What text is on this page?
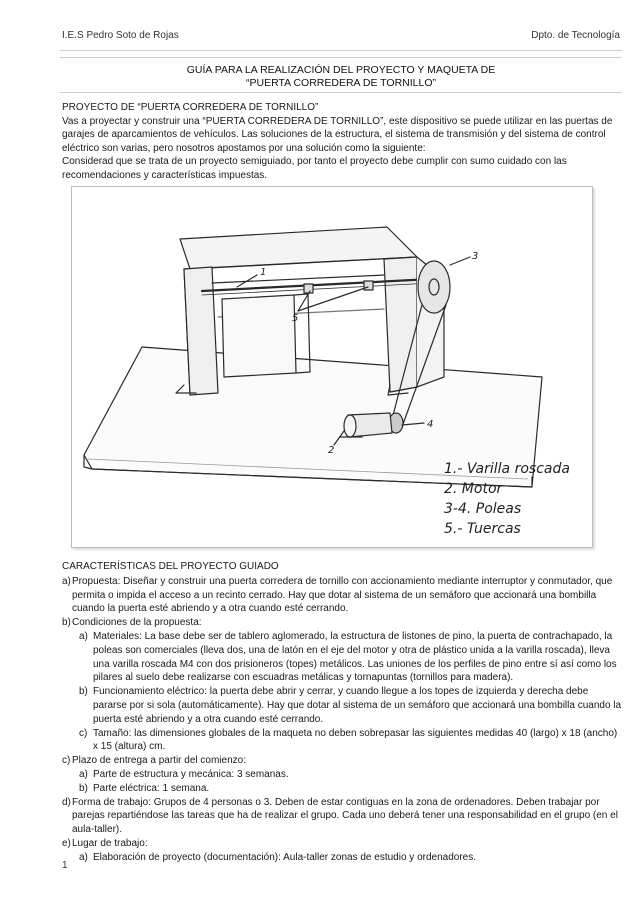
I.E.S Pedro Soto de Rojas	Dpto. de Tecnología
GUÍA PARA LA REALIZACIÓN DEL PROYECTO Y MAQUETA DE
“PUERTA CORREDERA DE TORNILLO”
PROYECTO DE “PUERTA CORREDERA DE TORNILLO”
Vas a proyectar y construir una “PUERTA CORREDERA DE TORNILLO”, este dispositivo se puede utilizar en las puertas de garajes de aparcamientos de vehículos. Las soluciones de la estructura, el sistema de transmisión y del sistema de control eléctrico son varias, pero nosotros apostamos por una solución como la siguiente:
Considerad que se trata de un proyecto semiguiado, por tanto el proyecto debe cumplir con sumo cuidado con las recomendaciones y características impuestas.
1
2
3
4
5
1.- Varilla roscada
2. Motor
3-4. Poleas
5.- Tuercas
CARACTERÍSTICAS DEL PROYECTO GUIADO
a) Propuesta: Diseñar y construir una puerta corredera de tornillo con accionamiento mediante interruptor y conmutador, que permita o impida el acceso a un recinto cerrado. Hay que dotar al sistema de un semáforo que accionará una bombilla cuando la puerta esté abriendo y a otra cuando esté cerrando.
b) Condiciones de la propuesta:
a) Materiales: La base debe ser de tablero aglomerado, la estructura de listones de pino, la puerta de contrachapado, la poleas son comerciales (lleva dos, una de latón en el eje del motor y otra de plástico unida a la varilla roscada), lleva una varilla roscada M4 con dos prisioneros (topes) metálicos. Las uniones de los perfiles de pino entre sí así como los pilares al suelo debe realizarse con escuadras metálicas y tornapuntas (tornillos para madera).
b) Funcionamiento eléctrico: la puerta debe abrir y cerrar, y cuando llegue a los topes de izquierda y derecha debe pararse por si sola (automáticamente). Hay que dotar al sistema de un semáforo que accionará una bombilla cuando la puerta esté abriendo y a otra cuando esté cerrando.
c) Tamaño: las dimensiones globales de la maqueta no deben sobrepasar las siguientes medidas 40 (largo) x 18 (ancho) x 15 (altura) cm.
c) Plazo de entrega a partir del comienzo:
a) Parte de estructura y mecánica: 3 semanas.
b) Parte eléctrica: 1 semana.
d) Forma de trabajo: Grupos de 4 personas o 3. Deben de estar contiguas en la zona de ordenadores. Deben trabajar por parejas repartiéndose las tareas que ha de realizar el grupo. Cada uno deberá tener una responsabilidad en el grupo (en el aula-taller).
e) Lugar de trabajo:
a) Elaboración de proyecto (documentación): Aula-taller zonas de estudio y ordenadores.
1
